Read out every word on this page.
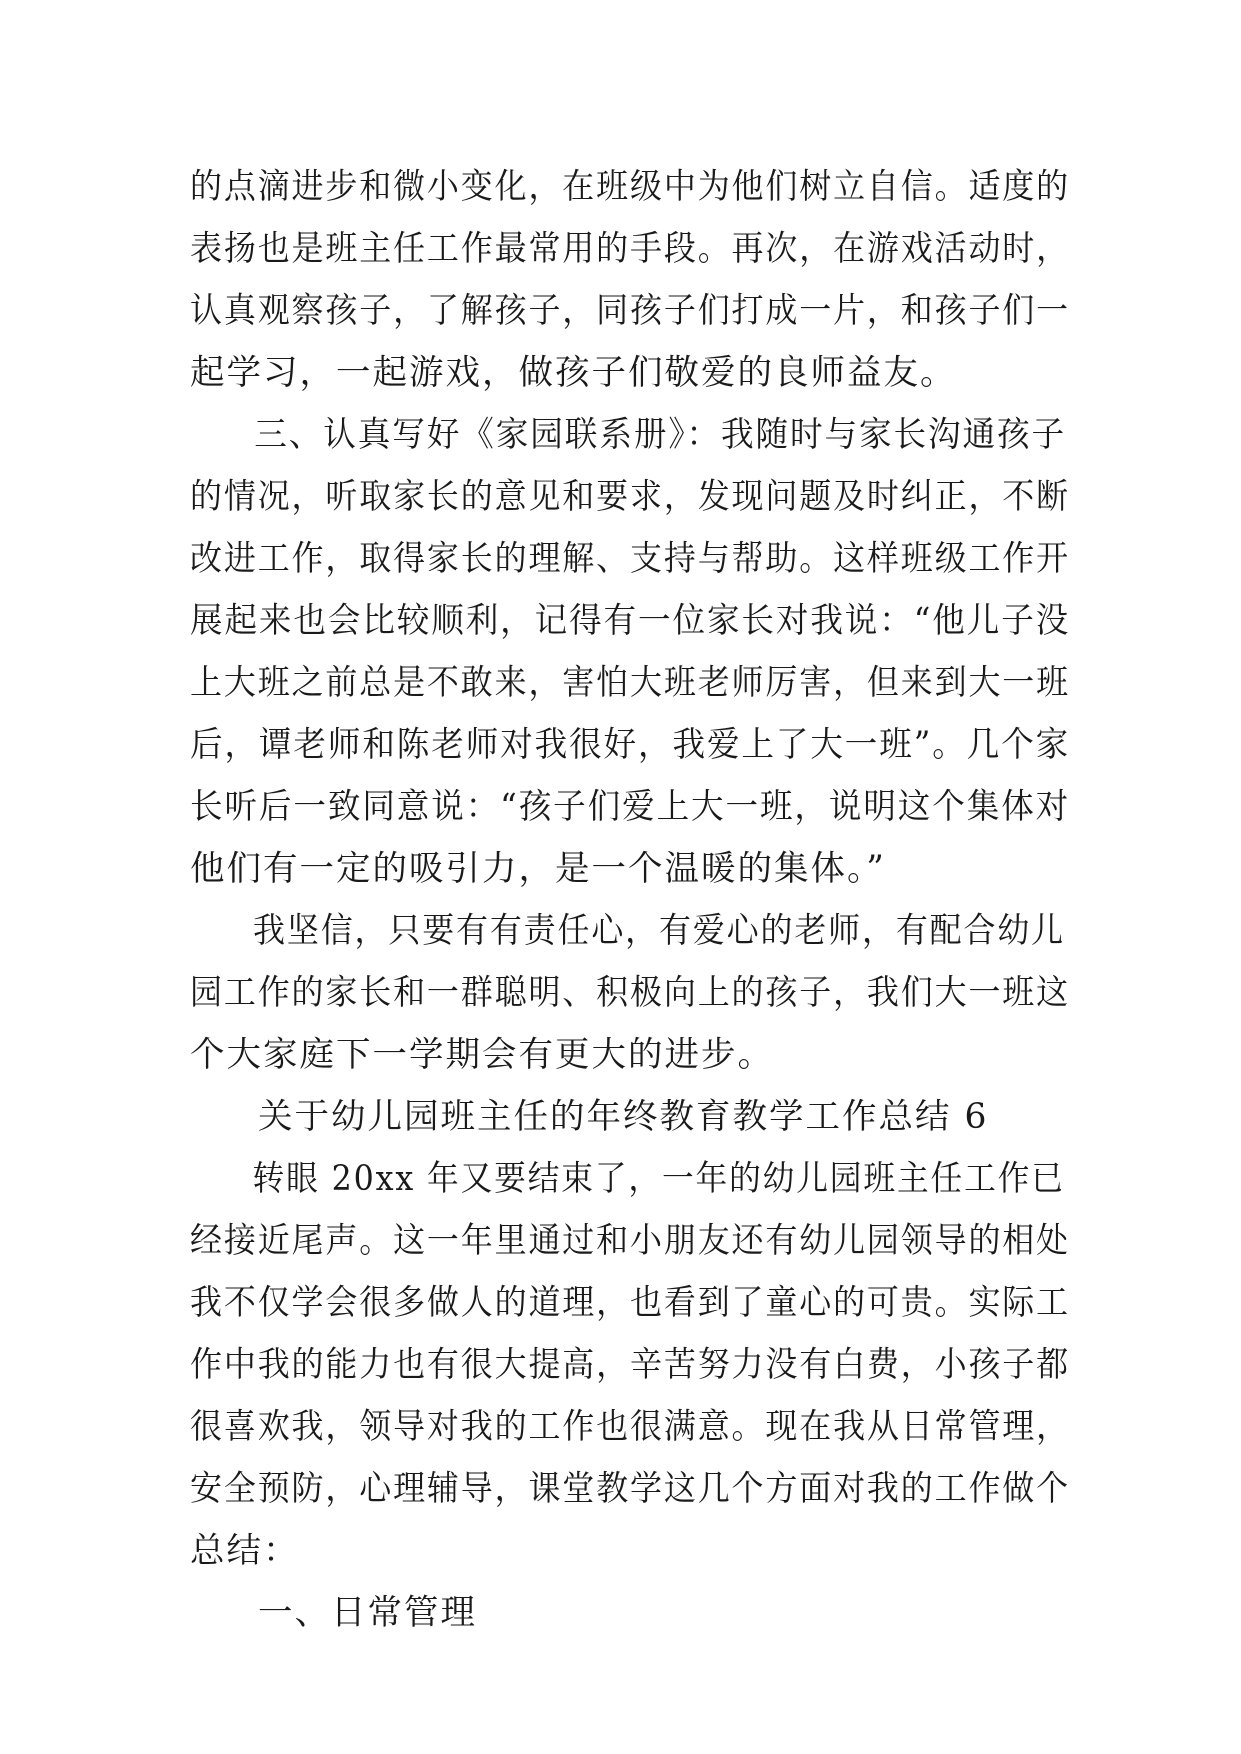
的点滴进步和微小变化，在班级中为他们树立自信。适度的
表扬也是班主任工作最常用的手段。再次，在游戏活动时，
认真观察孩子，了解孩子，同孩子们打成一片，和孩子们一
起学习，一起游戏，做孩子们敬爱的良师益友。
三、认真写好《家园联系册》：我随时与家长沟通孩子
的情况，听取家长的意见和要求，发现问题及时纠正，不断
改进工作，取得家长的理解、支持与帮助。这样班级工作开
展起来也会比较顺利，记得有一位家长对我说：“他儿子没
上大班之前总是不敢来，害怕大班老师厉害，但来到大一班
后，谭老师和陈老师对我很好，我爱上了大一班”。几个家
长听后一致同意说：“孩子们爱上大一班，说明这个集体对
他们有一定的吸引力，是一个温暖的集体。”
我坚信，只要有有责任心，有爱心的老师，有配合幼儿
园工作的家长和一群聪明、积极向上的孩子，我们大一班这
个大家庭下一学期会有更大的进步。
关于幼儿园班主任的年终教育教学工作总结 6
转眼 20xx 年又要结束了，一年的幼儿园班主任工作已
经接近尾声。这一年里通过和小朋友还有幼儿园领导的相处
我不仅学会很多做人的道理，也看到了童心的可贵。实际工
作中我的能力也有很大提高，辛苦努力没有白费，小孩子都
很喜欢我，领导对我的工作也很满意。现在我从日常管理，
安全预防，心理辅导，课堂教学这几个方面对我的工作做个
总结：
一、日常管理
